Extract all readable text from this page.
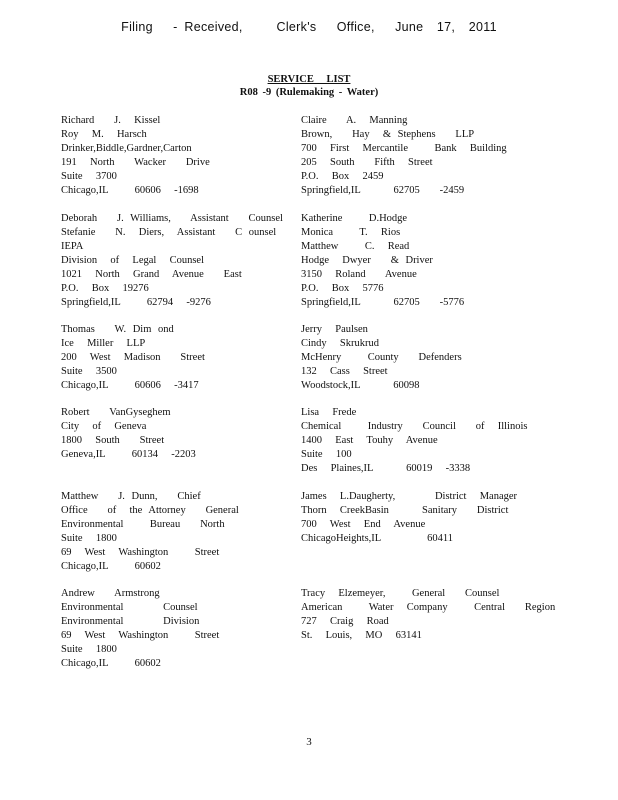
Filing   - Received,     Clerk's   Office,   June  17,  2011
SERVICE LIST
R08 -9 (Rulemaking - Water)
Richard   J.  Kissel
Roy  M.  Harsch
Drinker,Biddle,Gardner,Carton
191  North   Wacker   Drive
Suite  3700
Chicago,IL    60606  -1698
Deborah   J. Williams,   Assistant   Counsel
Stefanie   N.  Diers,  Assistant   C ounsel
IEPA
Division  of  Legal  Counsel
1021  North  Grand  Avenue   East
P.O.  Box  19276
Springfield,IL    62794  -9276
Thomas   W. Dim ond
Ice  Miller  LLP
200  West  Madison   Street
Suite  3500
Chicago,IL    60606  -3417
Robert   VanGyseghem
City  of  Geneva
1800  South   Street
Geneva,IL    60134  -2203
Matthew   J. Dunn,   Chief
Office   of  the Attorney   General
Environmental    Bureau   North
Suite  1800
69  West  Washington    Street
Chicago,IL    60602
Andrew   Armstrong
Environmental      Counsel
Environmental      Division
69  West  Washington    Street
Suite  1800
Chicago,IL    60602
Claire   A.  Manning
Brown,   Hay  & Stephens   LLP
700  First  Mercantile    Bank  Building
205  South   Fifth  Street
P.O.  Box  2459
Springfield,IL     62705   -2459
Katherine    D.Hodge
Monica    T.  Rios
Matthew    C.  Read
Hodge  Dwyer   & Driver
3150  Roland   Avenue
P.O.  Box  5776
Springfield,IL     62705   -5776
Jerry  Paulsen
Cindy  Skrukrud
McHenry    County   Defenders
132  Cass  Street
Woodstock,IL     60098
Lisa  Frede
Chemical    Industry   Council   of  Illinois
1400  East  Touhy  Avenue
Suite  100
Des  Plaines,IL     60019  -3338
James  L.Daugherty,      District  Manager
Thorn  CreekBasin     Sanitary   District
700  West  End  Avenue
ChicagoHeights,IL       60411
Tracy  Elzemeyer,    General   Counsel
American    Water  Company    Central   Region
727  Craig  Road
St.  Louis,  MO  63141
3
